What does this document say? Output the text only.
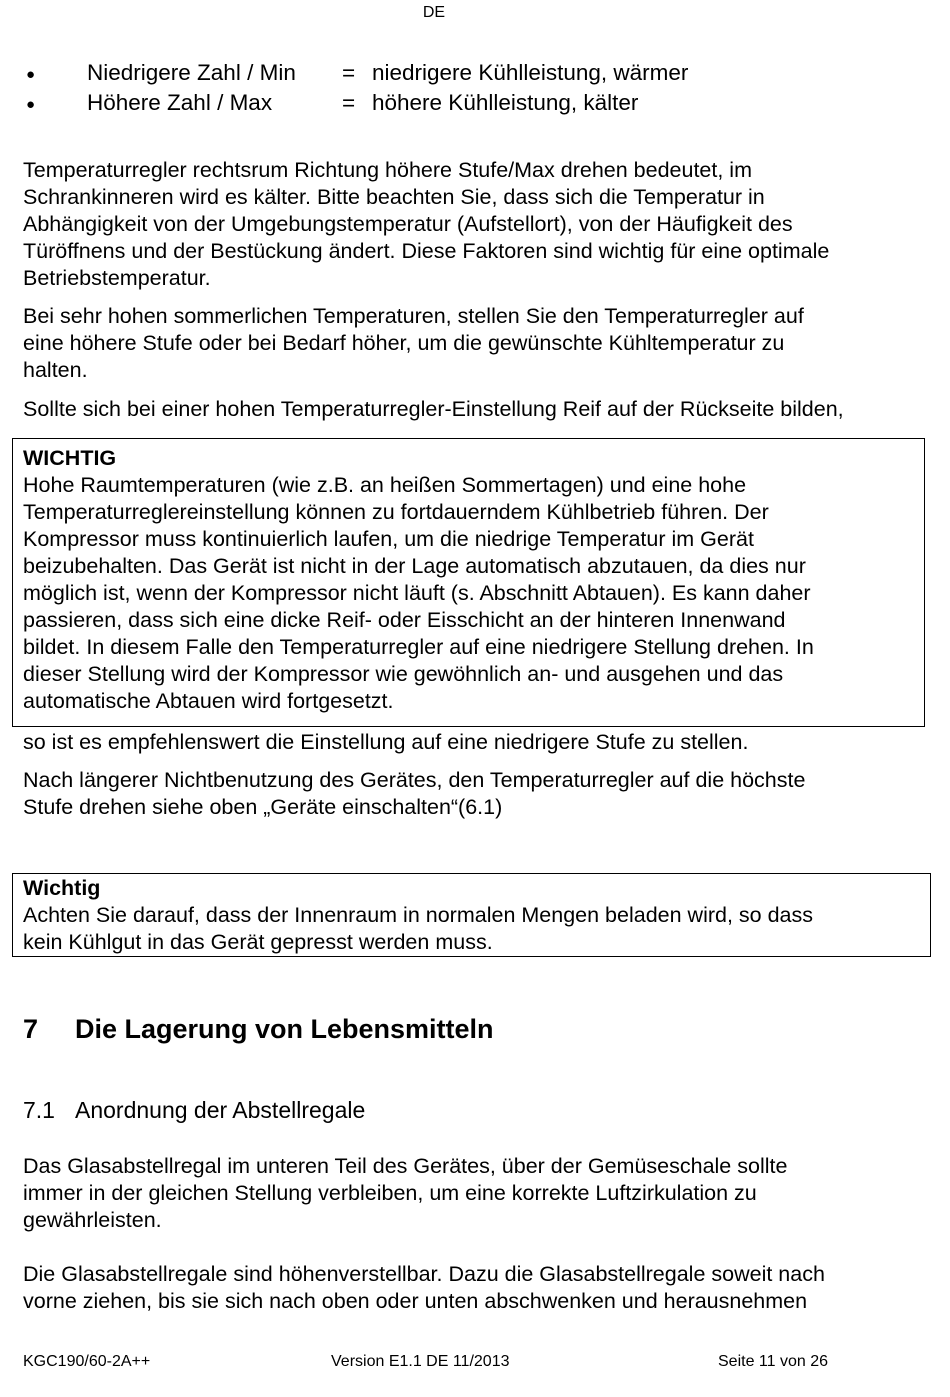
DE
● Niedrigere Zahl / Min = niedrigere Kühlleistung, wärmer
● Höhere Zahl / Max	= höhere Kühlleistung, kälter
Temperaturregler rechtsrum Richtung höhere Stufe/Max drehen bedeutet, im
Schrankinneren wird es kälter. Bitte beachten Sie, dass sich die Temperatur in
Abhängigkeit von der Umgebungstemperatur (Aufstellort), von der Häufigkeit des
Türöffnens und der Bestückung ändert. Diese Faktoren sind wichtig für eine optimale
Betriebstemperatur.
Bei sehr hohen sommerlichen Temperaturen, stellen Sie den Temperaturregler auf
eine höhere Stufe oder bei Bedarf höher, um die gewünschte Kühltemperatur zu
halten.
Sollte sich bei einer hohen Temperaturregler-Einstellung Reif auf der Rückseite bilden,
WICHTIG
Hohe Raumtemperaturen (wie z.B. an heißen Sommertagen) und eine hohe
Temperaturreglereinstellung können zu fortdauerndem Kühlbetrieb führen. Der
Kompressor muss kontinuierlich laufen, um die niedrige Temperatur im Gerät
beizubehalten. Das Gerät ist nicht in der Lage automatisch abzutauen, da dies nur
möglich ist, wenn der Kompressor nicht läuft (s. Abschnitt Abtauen). Es kann daher
passieren, dass sich eine dicke Reif- oder Eisschicht an der hinteren Innenwand
bildet. In diesem Falle den Temperaturregler auf eine niedrigere Stellung drehen. In
dieser Stellung wird der Kompressor wie gewöhnlich an- und ausgehen und das
automatische Abtauen wird fortgesetzt.
so ist es empfehlenswert die Einstellung auf eine niedrigere Stufe zu stellen.
Nach längerer Nichtbenutzung des Gerätes, den Temperaturregler auf die höchste
Stufe drehen siehe oben „Geräte einschalten“(6.1)
Wichtig
Achten Sie darauf, dass der Innenraum in normalen Mengen beladen wird, so dass
kein Kühlgut in das Gerät gepresst werden muss.
7 Die Lagerung von Lebensmitteln
7.1 Anordnung der Abstellregale
Das Glasabstellregal im unteren Teil des Gerätes, über der Gemüseschale sollte
immer in der gleichen Stellung verbleiben, um eine korrekte Luftzirkulation zu
gewährleisten.
Die Glasabstellregale sind höhenverstellbar. Dazu die Glasabstellregale soweit nach
vorne ziehen, bis sie sich nach oben oder unten abschwenken und herausnehmen
KGC190/60-2A++	Version E1.1 DE 11/2013	Seite 11 von 26
